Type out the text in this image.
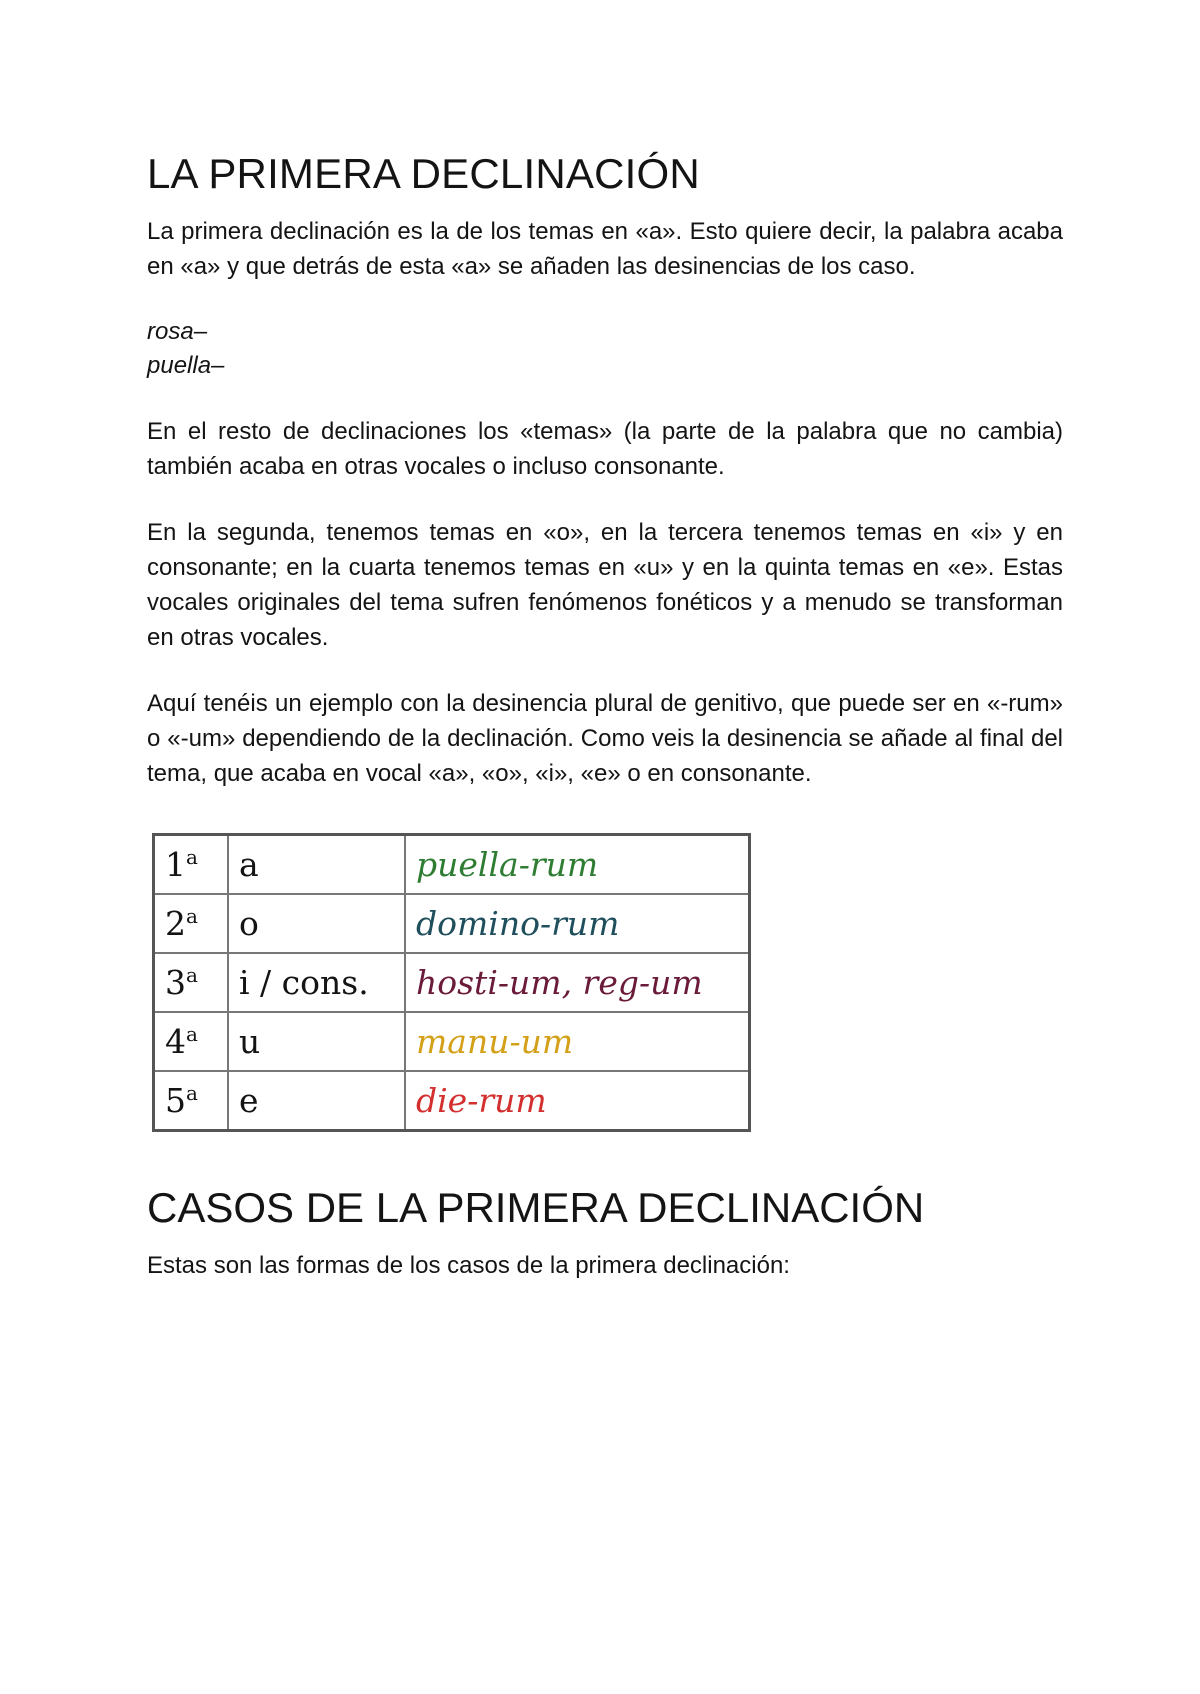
LA PRIMERA DECLINACIÓN

La primera declinación es la de los temas en «a». Esto quiere decir, la palabra acaba en «a» y que detrás de esta «a» se añaden las desinencias de los caso.

rosa–

puella–

En el resto de declinaciones los «temas» (la parte de la palabra que no cambia) también acaba en otras vocales o incluso consonante.

En la segunda, tenemos temas en «o», en la tercera tenemos temas en «i» y en consonante; en la cuarta tenemos temas en «u» y en la quinta temas en «e». Estas vocales originales del tema sufren fenómenos fonéticos y a menudo se transforman en otras vocales.

Aquí tenéis un ejemplo con la desinencia plural de genitivo, que puede ser en «-rum» o «-um» dependiendo de la declinación. Como veis la desinencia se añade al final del tema, que acaba en vocal «a», «o», «i», «e» o en consonante.

1$^a$	a	puella-rum
2$^a$	o	domino-rum
3$^a$	i / cons.	hosti-um, reg-um
4$^a$	u	manu-um
5$^a$	e	die-rum
CASOS DE LA PRIMERA DECLINACIÓN

Estas son las formas de los casos de la primera declinación:
